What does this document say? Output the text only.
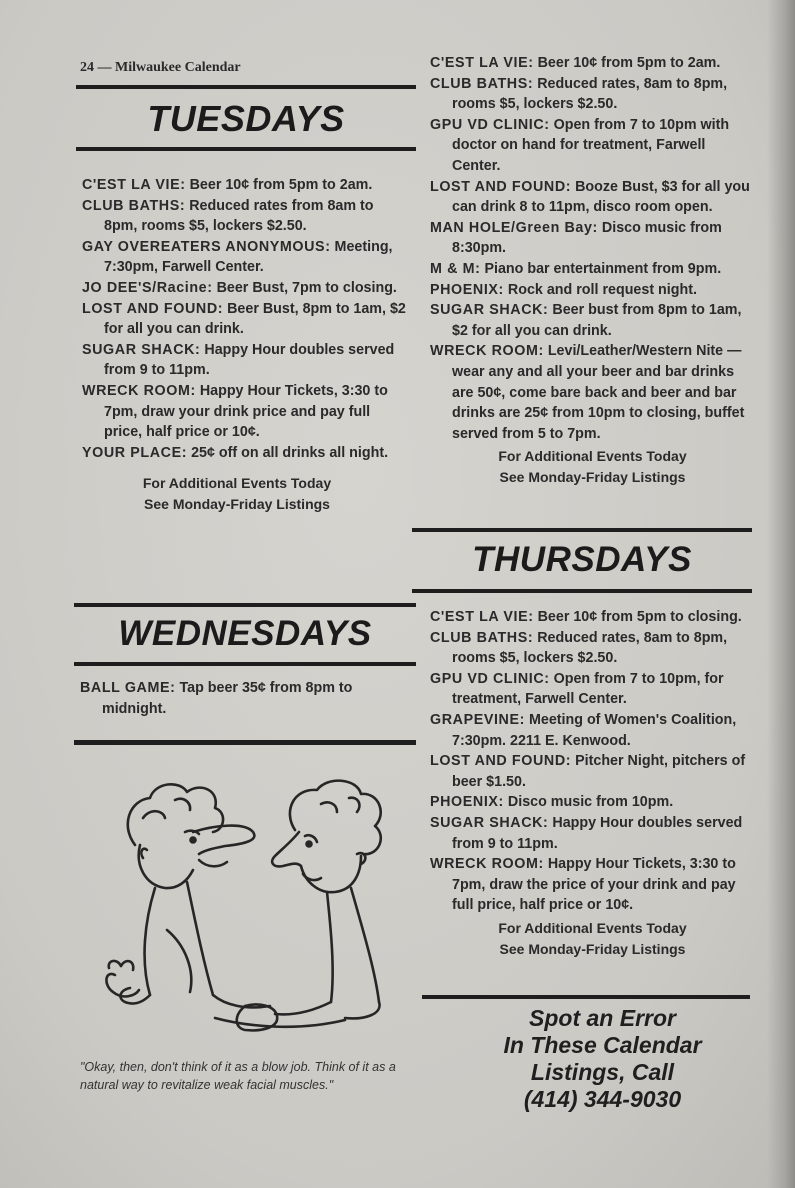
24 — Milwaukee Calendar
TUESDAYS

C'EST LA VIE: Beer 10¢ from 5pm to 2am.

CLUB BATHS: Reduced rates from 8am to 8pm, rooms $5, lockers $2.50.

GAY OVEREATERS ANONYMOUS: Meeting, 7:30pm, Farwell Center.

JO DEE'S/Racine: Beer Bust, 7pm to closing.

LOST AND FOUND: Beer Bust, 8pm to 1am, $2 for all you can drink.

SUGAR SHACK: Happy Hour doubles served from 9 to 11pm.

WRECK ROOM: Happy Hour Tickets, 3:30 to 7pm, draw your drink price and pay full price, half price or 10¢.

YOUR PLACE: 25¢ off on all drinks all night.

For Additional Events Today
See Monday-Friday Listings
WEDNESDAYS

BALL GAME: Tap beer 35¢ from 8pm to midnight.

"Okay, then, don't think of it as a blow job. Think of it as a natural way to revitalize weak facial muscles."

C'EST LA VIE: Beer 10¢ from 5pm to 2am.

CLUB BATHS: Reduced rates, 8am to 8pm, rooms $5, lockers $2.50.

GPU VD CLINIC: Open from 7 to 10pm with doctor on hand for treatment, Farwell Center.

LOST AND FOUND: Booze Bust, $3 for all you can drink 8 to 11pm, disco room open.

MAN HOLE/Green Bay: Disco music from 8:30pm.

M & M: Piano bar entertainment from 9pm.

PHOENIX: Rock and roll request night.

SUGAR SHACK: Beer bust from 8pm to 1am, $2 for all you can drink.

WRECK ROOM: Levi/Leather/Western Nite —wear any and all your beer and bar drinks are 50¢, come bare back and beer and bar drinks are 25¢ from 10pm to closing, buffet served from 5 to 7pm.

For Additional Events Today
See Monday-Friday Listings
THURSDAYS

C'EST LA VIE: Beer 10¢ from 5pm to closing.

CLUB BATHS: Reduced rates, 8am to 8pm, rooms $5, lockers $2.50.

GPU VD CLINIC: Open from 7 to 10pm, for treatment, Farwell Center.

GRAPEVINE: Meeting of Women's Coalition, 7:30pm. 2211 E. Kenwood.

LOST AND FOUND: Pitcher Night, pitchers of beer $1.50.

PHOENIX: Disco music from 10pm.

SUGAR SHACK: Happy Hour doubles served from 9 to 11pm.

WRECK ROOM: Happy Hour Tickets, 3:30 to 7pm, draw the price of your drink and pay full price, half price or 10¢.

For Additional Events Today
See Monday-Friday Listings
Spot an Error
In These Calendar
Listings, Call
(414) 344-9030
